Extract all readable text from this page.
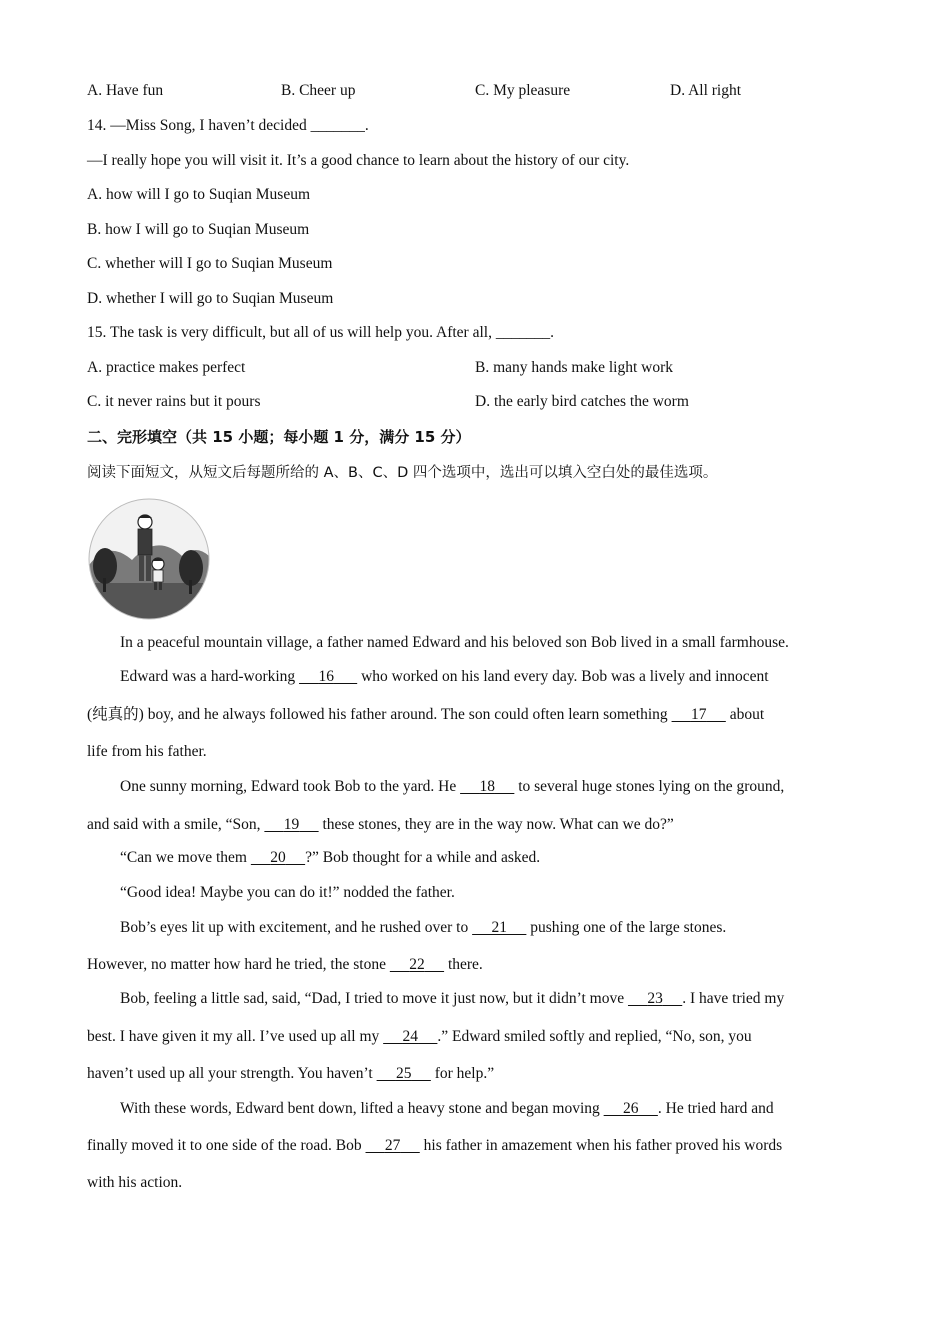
A. Have fun	B. Cheer up	C. My pleasure	D. All right
14. —Miss Song, I haven’t decided _______.
—I really hope you will visit it. It’s a good chance to learn about the history of our city.
A. how will I go to Suqian Museum
B. how I will go to Suqian Museum
C. whether will I go to Suqian Museum
D. whether I will go to Suqian Museum
15. The task is very difficult, but all of us will help you. After all, _______.
A. practice makes perfect	B. many hands make light work
C. it never rains but it pours	D. the early bird catches the worm
二、完形填空（共 15 小题；每小题 1 分，满分 15 分）
阅读下面短文，从短文后每题所给的 A、B、C、D 四个选项中，选出可以填入空白处的最佳选项。
In a peaceful mountain village, a father named Edward and his beloved son Bob lived in a small farmhouse.
Edward was a hard-working ​     16       who worked on his land every day. Bob was a lively and innocent
(纯真的) boy, and he always followed his father around. The son could often learn something      17      about
life from his father.
One sunny morning, Edward took Bob to the yard. He      18      to several huge stones lying on the ground,
and said with a smile, “Son,      19      these stones, they are in the way now. What can we do?”
“Can we move them      20 ?” Bob thought for a while and asked.
“Good idea! Maybe you can do it!” nodded the father.
Bob’s eyes lit up with excitement, and he rushed over to      21      pushing one of the large stones.
However, no matter how hard he tried, the stone      22      there.
Bob, feeling a little sad, said, “Dad, I tried to move it just now, but it didn’t move      23 . I have tried my
best. I have given it my all. I’ve used up all my      24 .” Edward smiled softly and replied, “No, son, you
haven’t used up all your strength. You haven’t      25      for help.”
With these words, Edward bent down, lifted a heavy stone and began moving      26 . He tried hard and
finally moved it to one side of the road. Bob      27      his father in amazement when his father proved his words
with his action.
